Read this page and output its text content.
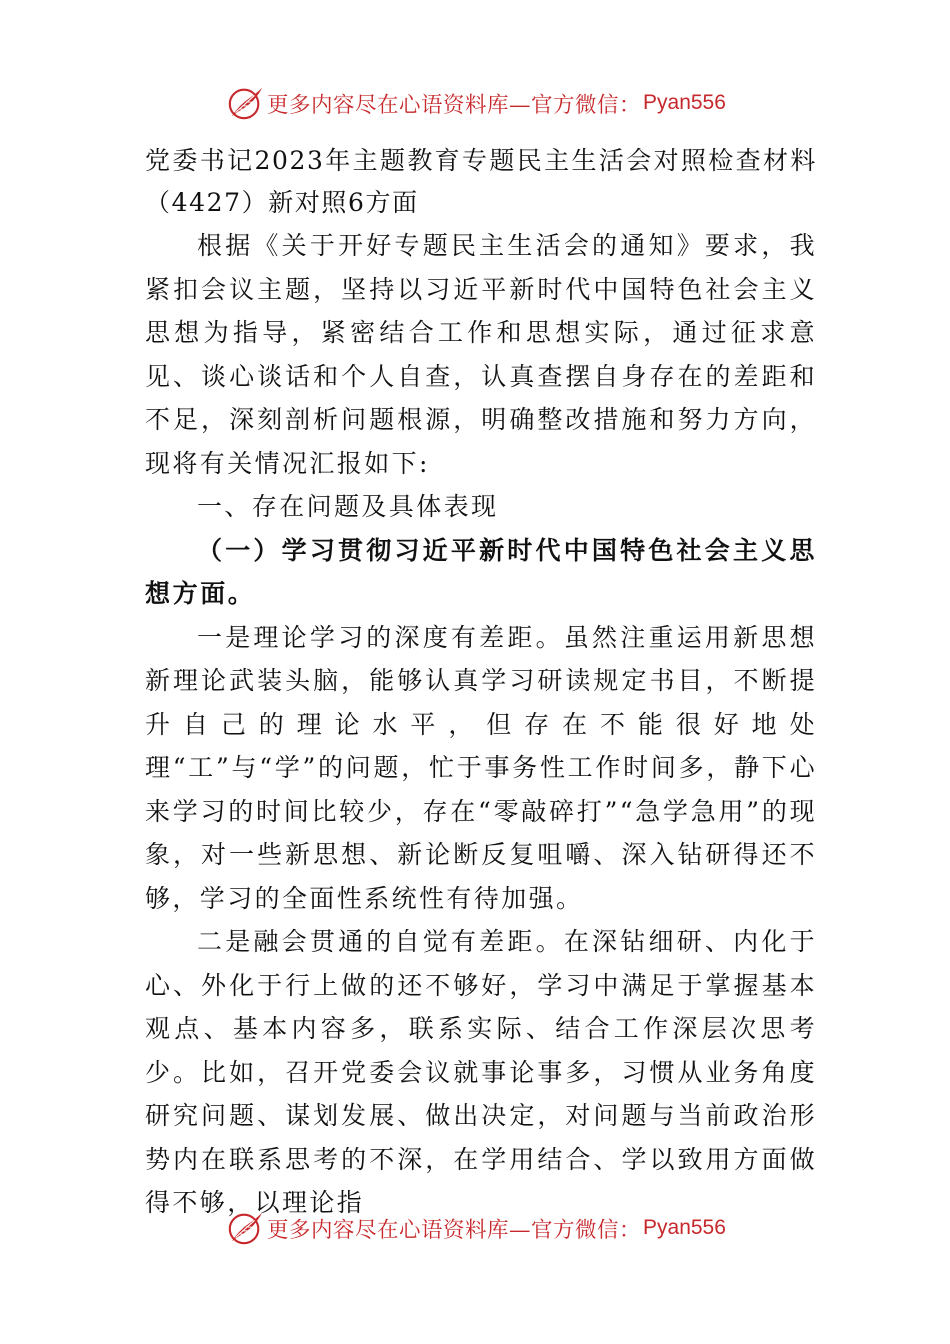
更多内容尽在心语资料库—官方微信： Pyan556

党委书记2023年主题教育专题民主生活会对照检查材料（4427）新对照6方面

根据《关于开好专题民主生活会的通知》要求，我紧扣会议主题，坚持以习近平新时代中国特色社会主义思想为指导，紧密结合工作和思想实际，通过征求意见、谈心谈话和个人自查，认真查摆自身存在的差距和不足，深刻剖析问题根源，明确整改措施和努力方向，现将有关情况汇报如下:

一、存在问题及具体表现

（一）学习贯彻习近平新时代中国特色社会主义思想方面。

一是理论学习的深度有差距。虽然注重运用新思想新理论武装头脑，能够认真学习研读规定书目，不断提升自己的理论水平，但存在不能很好地处理“工”与“学”的问题，忙于事务性工作时间多，静下心来学习的时间比较少，存在“零敲碎打”“急学急用”的现象，对一些新思想、新论断反复咀嚼、深入钻研得还不够，学习的全面性系统性有待加强。

二是融会贯通的自觉有差距。在深钻细研、内化于心、外化于行上做的还不够好，学习中满足于掌握基本观点、基本内容多，联系实际、结合工作深层次思考少。比如，召开党委会议就事论事多，习惯从业务角度研究问题、谋划发展、做出决定，对问题与当前政治形势内在联系思考的不深，在学用结合、学以致用方面做得不够，以理论指

更多内容尽在心语资料库—官方微信： Pyan556
